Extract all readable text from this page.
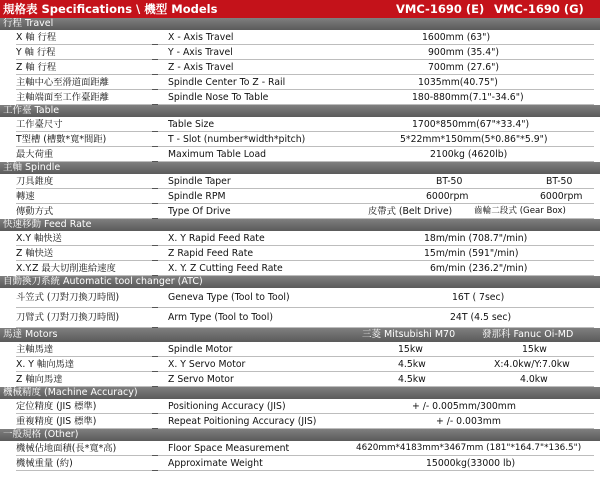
規格表 Specifications \ 機型 Models	VMC-1690 (E) VMC-1690 (G)
行程 Travel
X 軸 行程	X - Axis Travel	1600mm (63")
Y 軸 行程	Y - Axis Travel	900mm (35.4")
Z 軸 行程	Z - Axis Travel	700mm (27.6")
主軸中心至滑道面距離	Spindle Center To Z - Rail	1035mm(40.75")
主軸端面至工作臺距離	Spindle Nose To Table	180-880mm(7.1"-34.6")
工作臺 Table
工作臺尺寸	Table Size	1700*850mm(67"*33.4")
T型槽 (槽數*寬*間距)	T - Slot (number*width*pitch)	5*22mm*150mm(5*0.86"*5.9")
最大荷重	Maximum Table Load	2100kg (4620lb)
主軸 Spindle
刀具錐度	Spindle Taper	BT-50	BT-50
轉速	Spindle RPM	6000rpm	6000rpm
傳動方式	Type Of Drive	皮帶式 (Belt Drive)	齒輪二段式 (Gear Box)
快速移動 Feed Rate
X.Y 軸快送	X. Y Rapid Feed Rate	18m/min (708.7"/min)
Z 軸快送	Z Rapid Feed Rate	15m/min (591"/min)
X.Y.Z 最大切削進給速度	X. Y. Z Cutting Feed Rate	6m/min (236.2"/min)
自動換刀系統 Automatic tool changer (ATC)
斗笠式 (刀對刀換刀時間)	Geneva Type (Tool to Tool)	16T ( 7sec)
刀臂式 (刀對刀換刀時間)	Arm Type (Tool to Tool)	24T (4.5 sec)
馬達 Motors	三菱 Mitsubishi M70	發那科 Fanuc Oi-MD
主軸馬達	Spindle Motor	15kw	15kw
X. Y 軸向馬達	X. Y Servo Motor	4.5kw	X:4.0kw/Y:7.0kw
Z 軸向馬達	Z Servo Motor	4.5kw	4.0kw
機械精度 (Machine Accuracy)
定位精度 (JIS 標準)	Positioning Accuracy (JIS)	+ /- 0.005mm/300mm
重複精度 (JIS 標準)	Repeat Poitioning Accuracy (JIS)	+ /- 0.003mm
一般規格 (Other)
機械佔地面積(長*寬*高)	Floor Space Measurement	4620mm*4183mm*3467mm (181"*164.7"*136.5")
機械重量 (約)	Approximate Weight	15000kg(33000 lb)
